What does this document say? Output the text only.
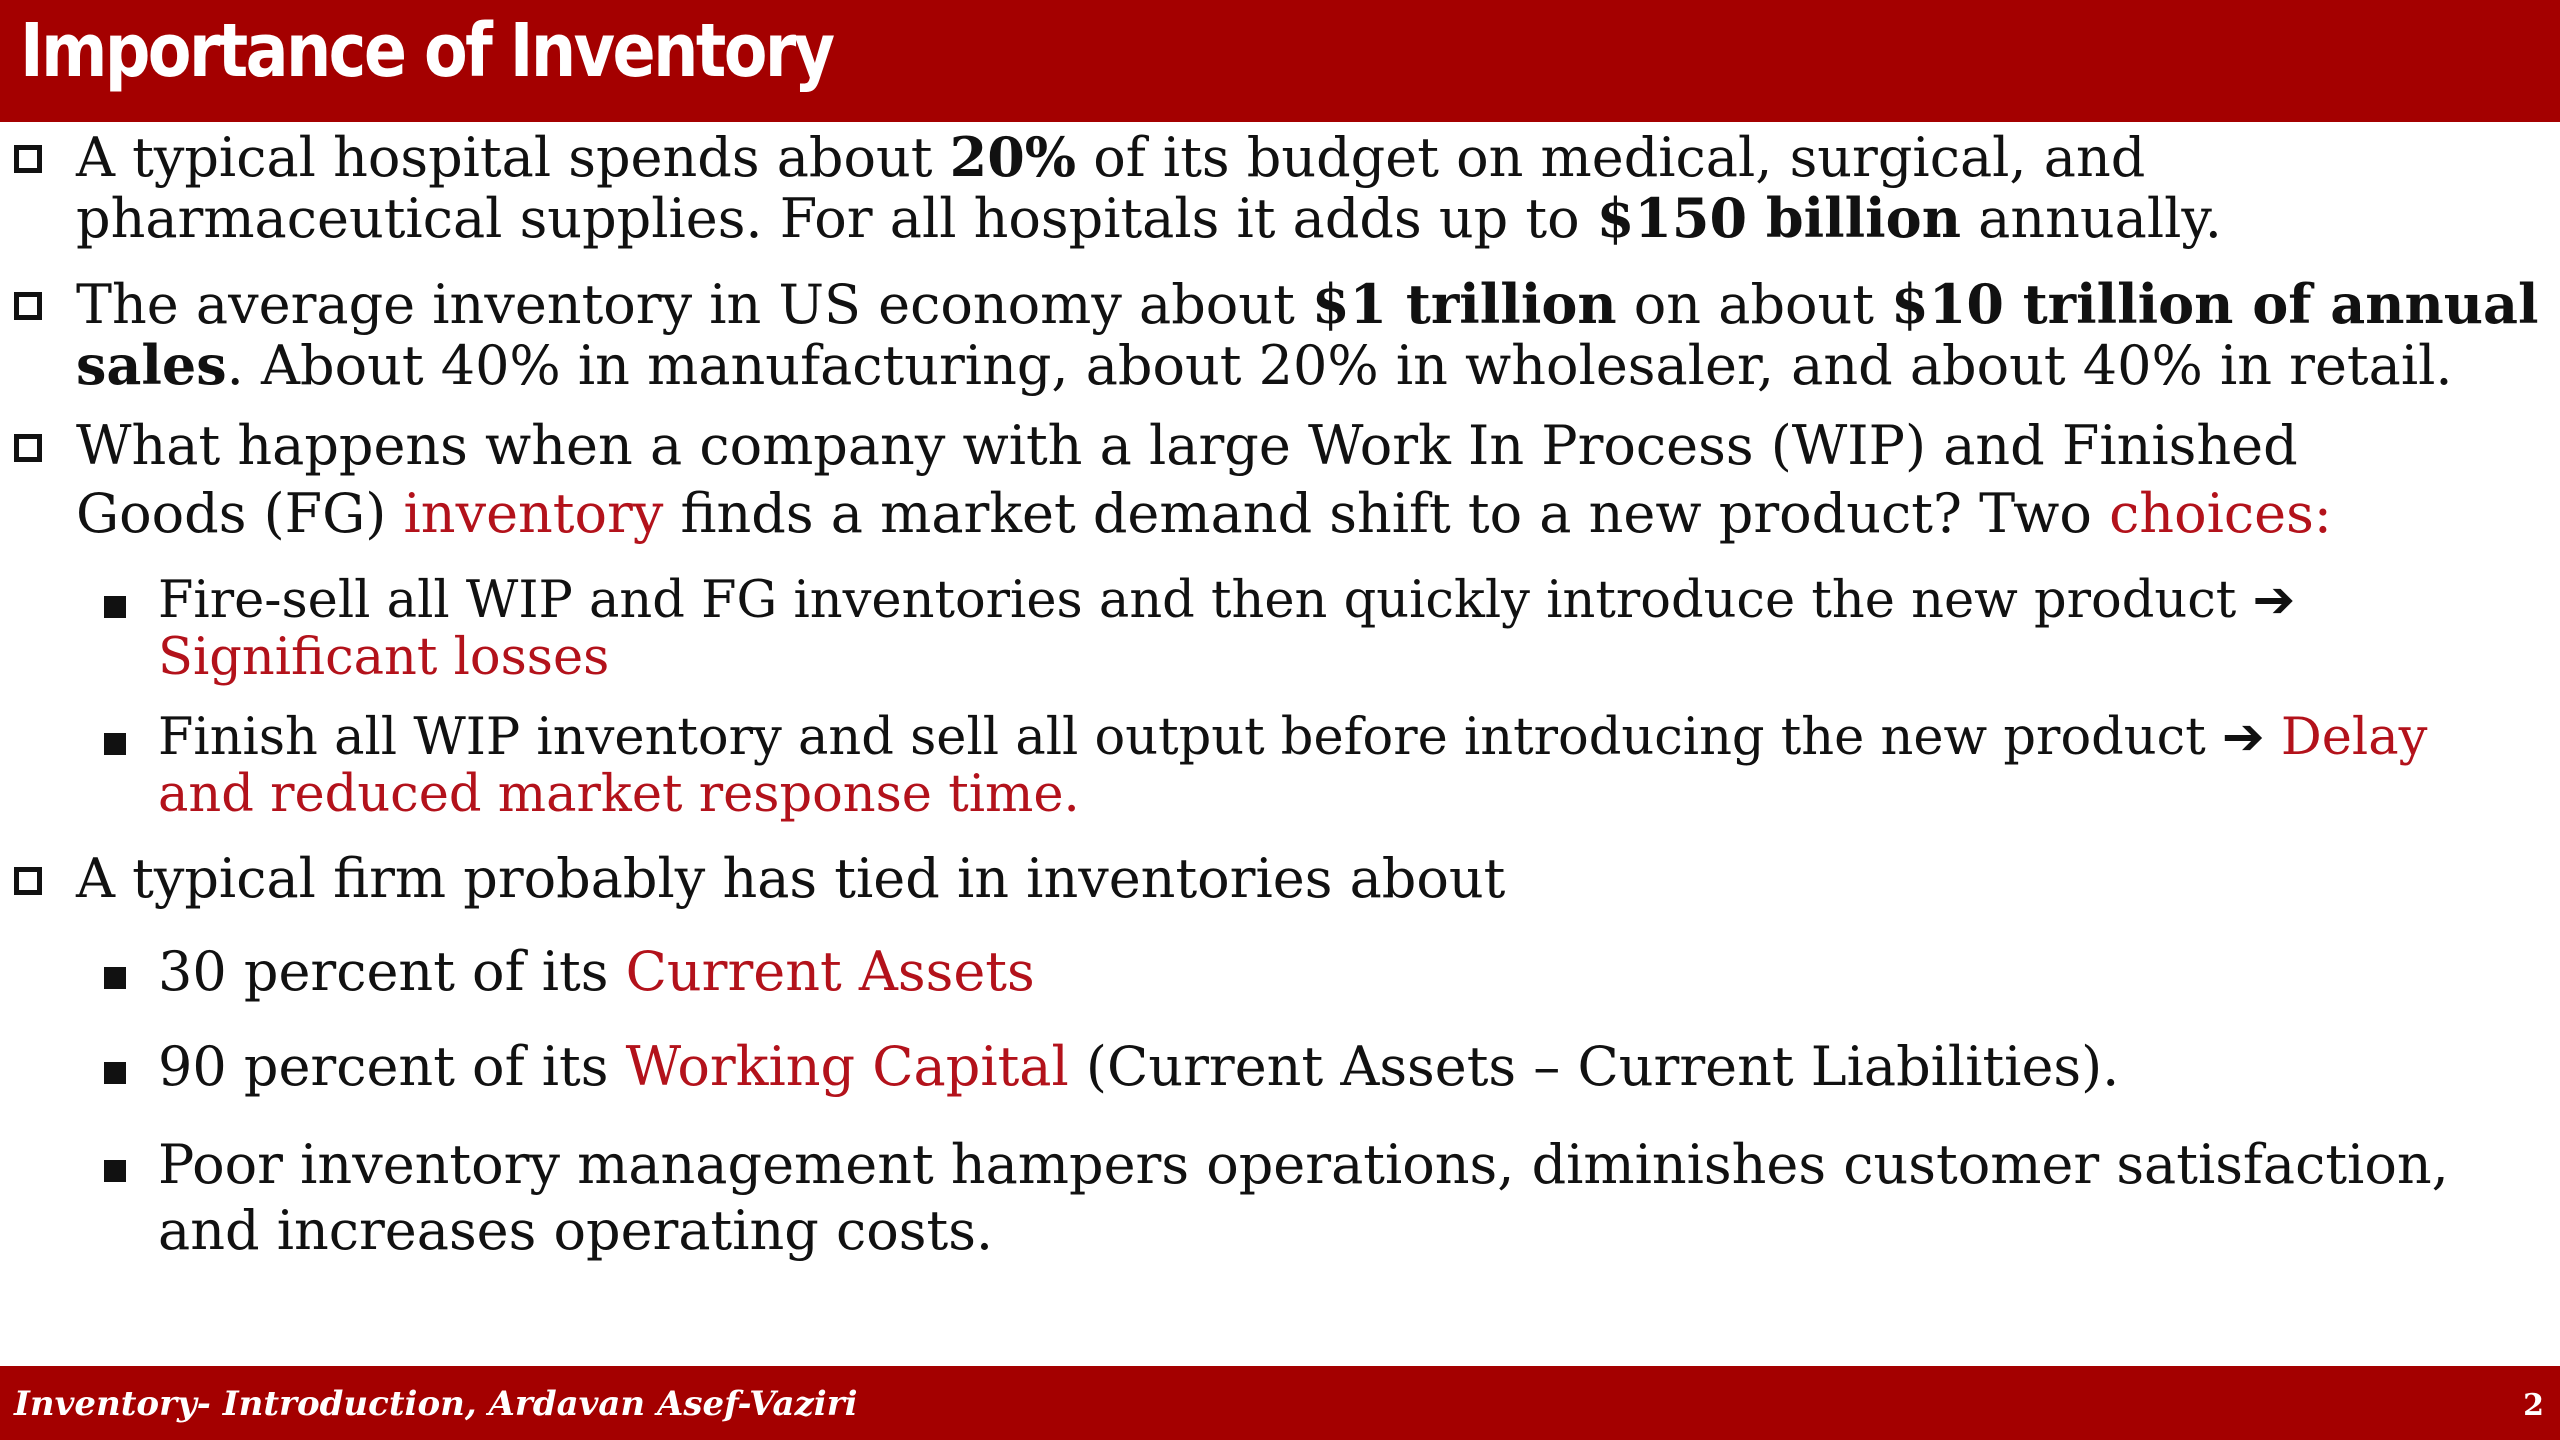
Importance of Inventory
A typical hospital spends about 20% of its budget on medical, surgical, and
pharmaceutical supplies. For all hospitals it adds up to $150 billion annually.
The average inventory in US economy about $1 trillion on about $10 trillion of annual
sales. About 40% in manufacturing, about 20% in wholesaler, and about 40% in retail.
What happens when a company with a large Work In Process (WIP) and Finished
Goods (FG) inventory finds a market demand shift to a new product? Two choices:
Fire-sell all WIP and FG inventories and then quickly introduce the new product ➔
Significant losses
Finish all WIP inventory and sell all output before introducing the new product ➔ Delay
and reduced market response time.
A typical firm probably has tied in inventories about
30 percent of its Current Assets
90 percent of its Working Capital (Current Assets – Current Liabilities).
Poor inventory management hampers operations, diminishes customer satisfaction,
and increases operating costs.
Inventory- Introduction, Ardavan Asef-Vaziri	2
